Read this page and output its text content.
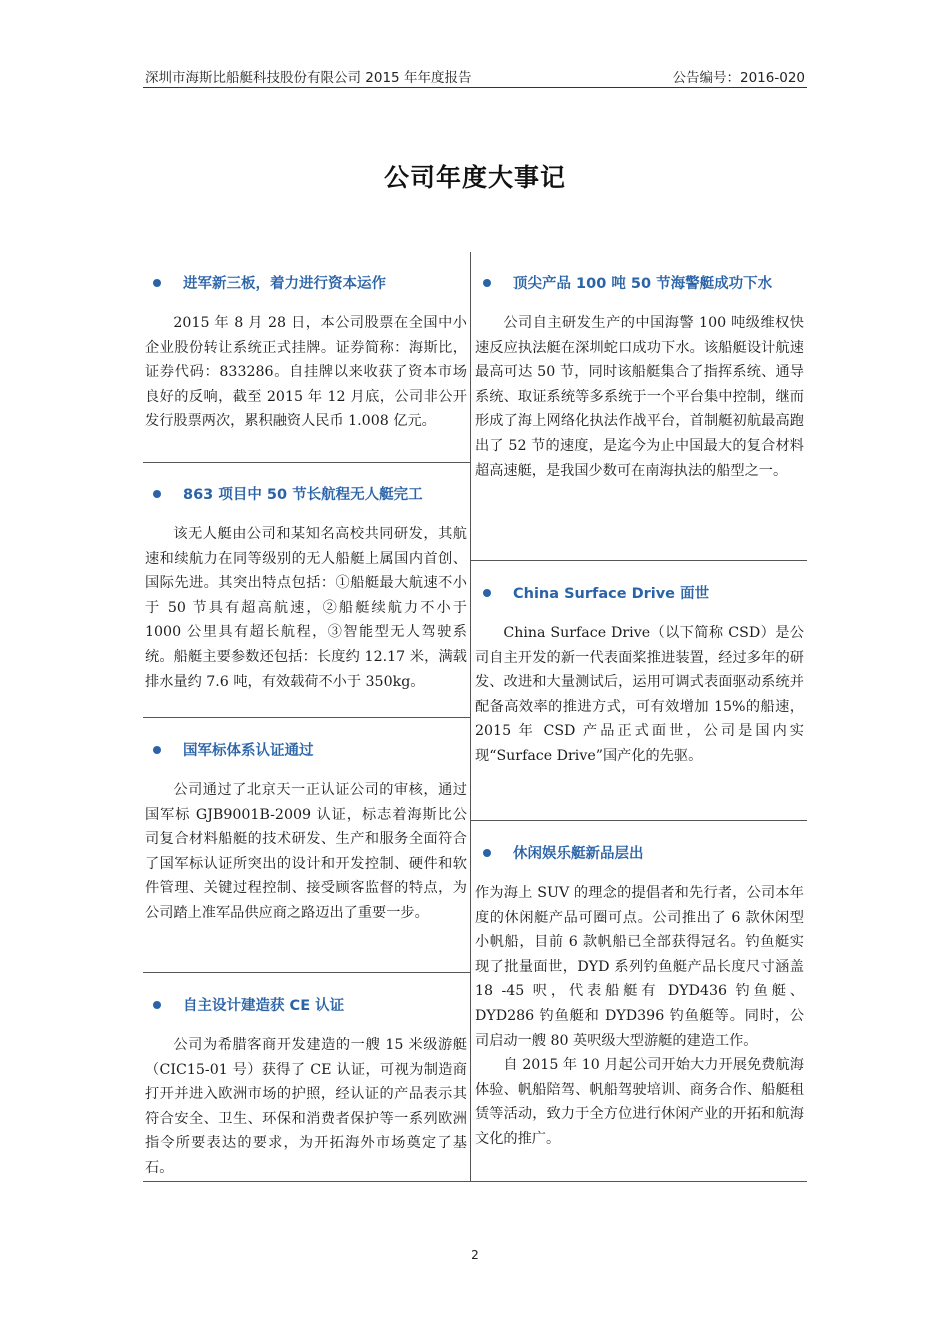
深圳市海斯比船艇科技股份有限公司 2015 年年度报告	公告编号：2016-020
公司年度大事记
进军新三板，着力进行资本运作
2015 年 8 月 28 日，本公司股票在全国中小企业股份转让系统正式挂牌。证券简称：海斯比，证券代码：833286。自挂牌以来收获了资本市场良好的反响，截至 2015 年 12 月底，公司非公开发行股票两次，累积融资人民币 1.008 亿元。
863 项目中 50 节长航程无人艇完工
该无人艇由公司和某知名高校共同研发，其航速和续航力在同等级别的无人船艇上属国内首创、国际先进。其突出特点包括：①船艇最大航速不小于 50 节具有超高航速，②船艇续航力不小于 1000 公里具有超长航程，③智能型无人驾驶系统。船艇主要参数还包括：长度约 12.17 米，满载排水量约 7.6 吨，有效载荷不小于 350kg。
国军标体系认证通过
公司通过了北京天一正认证公司的审核，通过国军标 GJB9001B-2009 认证，标志着海斯比公司复合材料船艇的技术研发、生产和服务全面符合了国军标认证所突出的设计和开发控制、硬件和软件管理、关键过程控制、接受顾客监督的特点，为公司踏上准军品供应商之路迈出了重要一步。
自主设计建造获 CE 认证
公司为希腊客商开发建造的一艘 15 米级游艇（CIC15-01 号）获得了 CE 认证，可视为制造商打开并进入欧洲市场的护照，经认证的产品表示其符合安全、卫生、环保和消费者保护等一系列欧洲指令所要表达的要求，为开拓海外市场奠定了基石。
顶尖产品 100 吨 50 节海警艇成功下水
公司自主研发生产的中国海警 100 吨级维权快速反应执法艇在深圳蛇口成功下水。该船艇设计航速最高可达 50 节，同时该船艇集合了指挥系统、通导系统、取证系统等多系统于一个平台集中控制，继而形成了海上网络化执法作战平台，首制艇初航最高跑出了 52 节的速度，是迄今为止中国最大的复合材料超高速艇，是我国少数可在南海执法的船型之一。
China Surface Drive 面世
China Surface Drive（以下简称 CSD）是公司自主开发的新一代表面桨推进装置，经过多年的研发、改进和大量测试后，运用可调式表面驱动系统并配备高效率的推进方式，可有效增加 15%的船速，2015 年 CSD 产品正式面世，公司是国内实现“Surface Drive”国产化的先驱。
休闲娱乐艇新品层出

作为海上 SUV 的理念的提倡者和先行者，公司本年度的休闲艇产品可圈可点。公司推出了 6 款休闲型小帆船，目前 6 款帆船已全部获得冠名。钓鱼艇实现了批量面世，DYD 系列钓鱼艇产品长度尺寸涵盖 18 -45 呎，代表船艇有 DYD436 钓鱼艇、DYD286 钓鱼艇和 DYD396 钓鱼艇等。同时，公司启动一艘 80 英呎级大型游艇的建造工作。

自 2015 年 10 月起公司开始大力开展免费航海体验、帆船陪驾、帆船驾驶培训、商务合作、船艇租赁等活动，致力于全方位进行休闲产业的开拓和航海文化的推广。

2
